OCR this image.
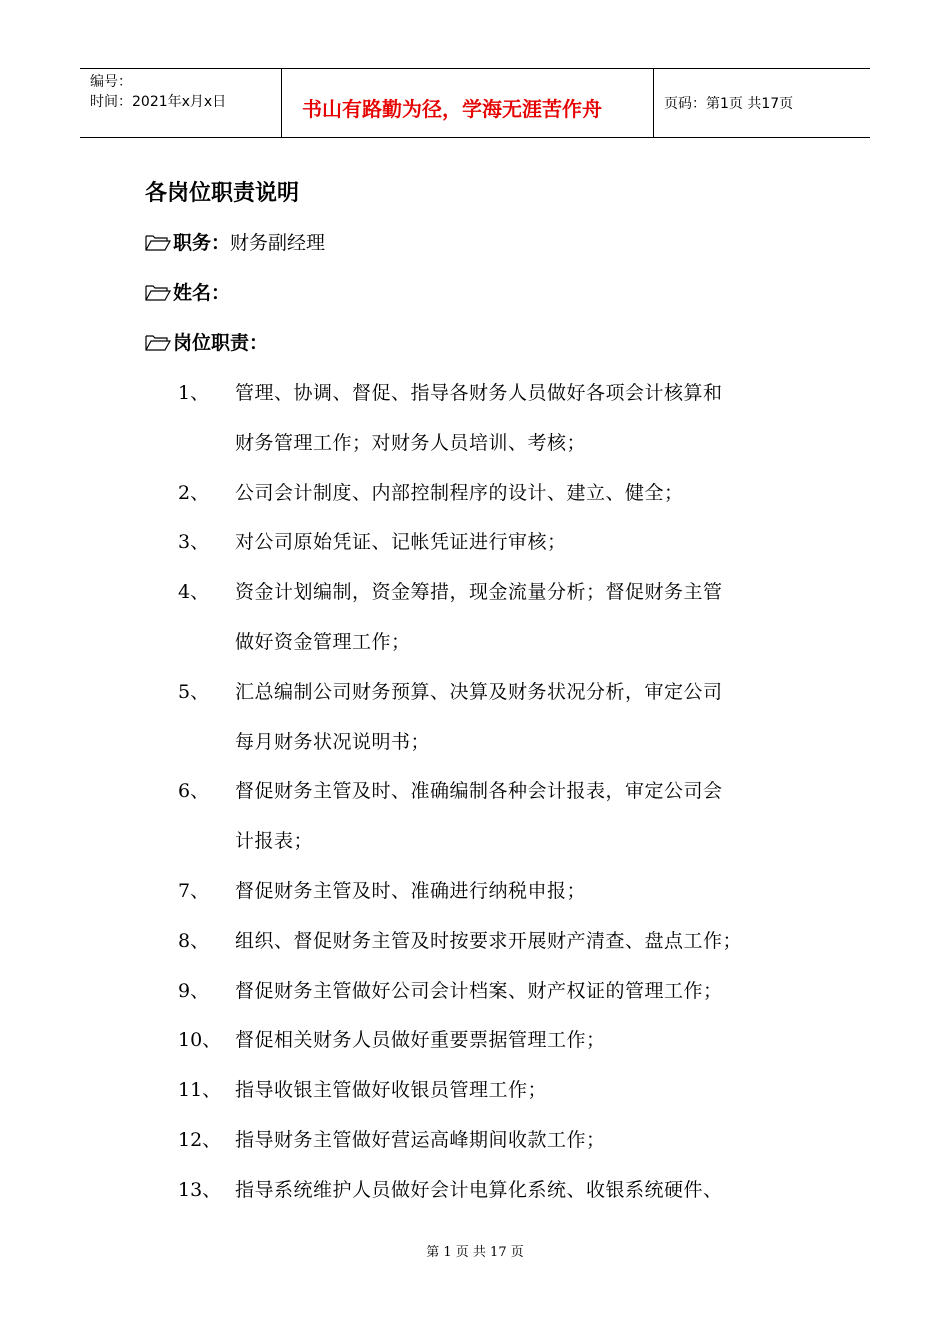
编号：
时间：2021年x月x日	书山有路勤为径，学海无涯苦作舟	页码：第1页 共17页
各岗位职责说明
职务： 财务副经理
姓名：
岗位职责：
1、 管理、协调、督促、指导各财务人员做好各项会计核算和
财务管理工作；对财务人员培训、考核；
2、 公司会计制度、内部控制程序的设计、建立、健全；
3、 对公司原始凭证、记帐凭证进行审核；
4、 资金计划编制，资金筹措，现金流量分析；督促财务主管
做好资金管理工作；
5、 汇总编制公司财务预算、决算及财务状况分析，审定公司
每月财务状况说明书；
6、 督促财务主管及时、准确编制各种会计报表，审定公司会
计报表；
7、 督促财务主管及时、准确进行纳税申报；
8、 组织、督促财务主管及时按要求开展财产清查、盘点工作；
9、 督促财务主管做好公司会计档案、财产权证的管理工作；
10、 督促相关财务人员做好重要票据管理工作；
11、 指导收银主管做好收银员管理工作；
12、 指导财务主管做好营运高峰期间收款工作；
13、 指导系统维护人员做好会计电算化系统、收银系统硬件、
第 1 页 共 17 页
